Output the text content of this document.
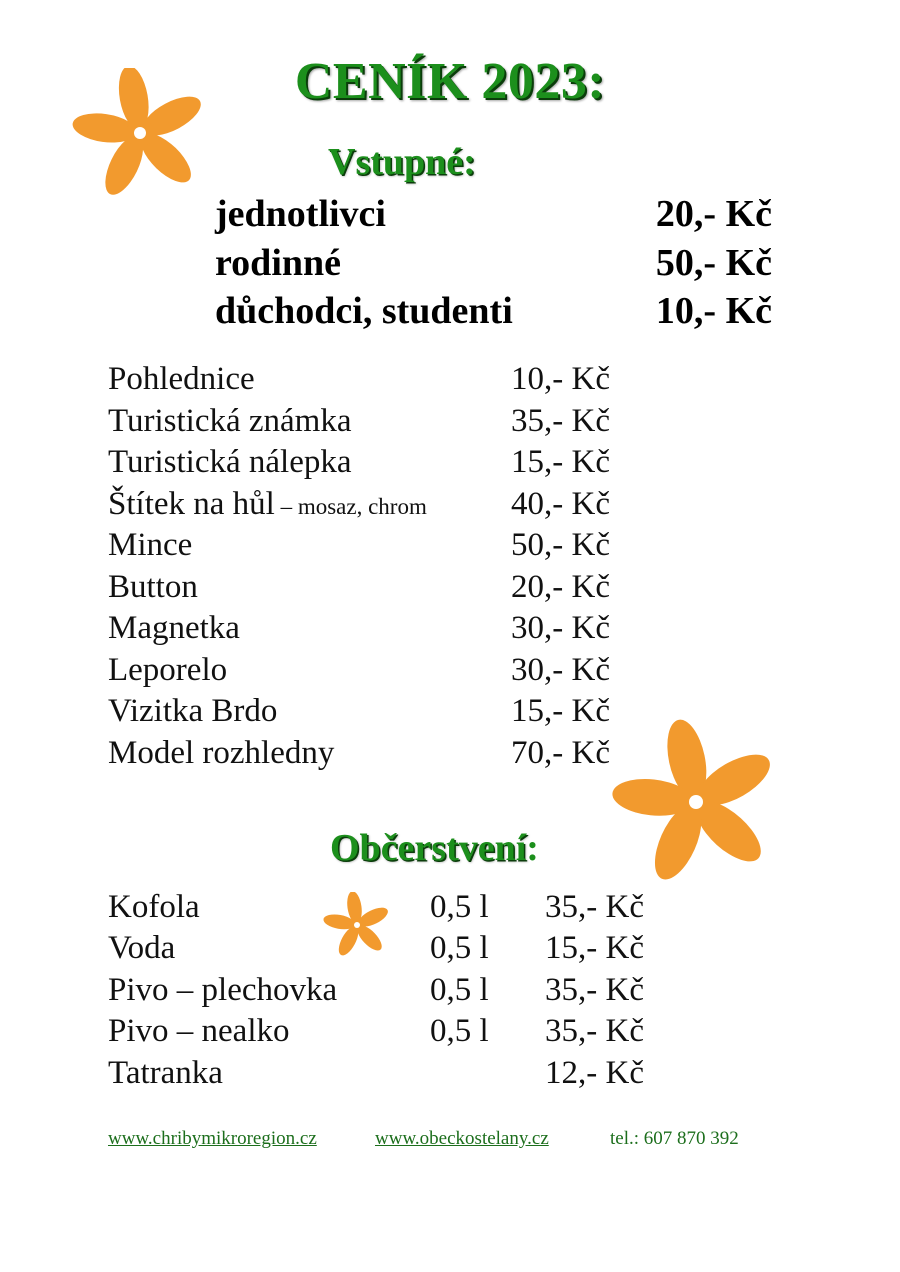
CENÍK 2023:
Vstupné:
jednotlivci	20,- Kč
rodinné	50,- Kč
důchodci, studenti	10,- Kč
Pohlednice	10,- Kč
Turistická známka	35,- Kč
Turistická nálepka	15,- Kč
Štítek na hůl – mosaz, chrom	40,- Kč
Mince	50,- Kč
Button	20,- Kč
Magnetka	30,- Kč
Leporelo	30,- Kč
Vizitka Brdo	15,- Kč
Model rozhledny	70,- Kč
Občerstvení:
Kofola	0,5 l 35,- Kč
Voda	0,5 l 15,- Kč
Pivo – plechovka	0,5 l 35,- Kč
Pivo – nealko	0,5 l 35,- Kč
Tatranka	12,- Kč
www.chribymikroregion.cz	www.obeckostelany.cz	tel.: 607 870 392
